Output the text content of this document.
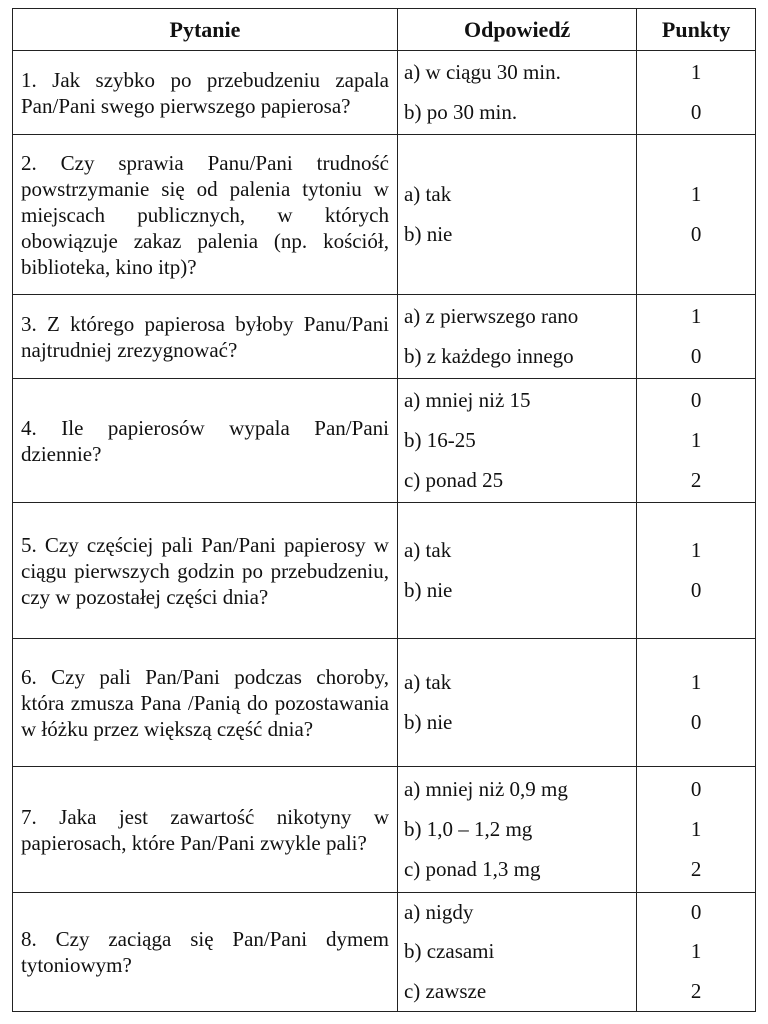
Pytanie	Odpowiedź	Punkty
1. Jak szybko po przebudzeniu zapala Pan/Pani swego pierwszego papierosa?
a) w ciągu 30 min.
b) po 30 min.
1
0
2. Czy sprawia Panu/Pani trudność powstrzymanie się od palenia tytoniu w miejscach publicznych, w których obowiązuje zakaz palenia (np. kościół, biblioteka, kino itp)?
a) tak
b) nie
1
0
3. Z którego papierosa byłoby Panu/Pani najtrudniej zrezygnować?
a) z pierwszego rano
b) z każdego innego
1
0
4. Ile papierosów wypala Pan/Pani dziennie?
a) mniej niż 15
b) 16-25
c) ponad 25
0
1
2
5. Czy częściej pali Pan/Pani papierosy w ciągu pierwszych godzin po przebudzeniu, czy w pozostałej części dnia?
a) tak
b) nie
1
0
6. Czy pali Pan/Pani podczas choroby, która zmusza Pana /Panią do pozostawania w łóżku przez większą część dnia?
a) tak
b) nie
1
0
7. Jaka jest zawartość nikotyny w papierosach, które Pan/Pani zwykle pali?
a) mniej niż 0,9 mg
b) 1,0 – 1,2 mg
c) ponad 1,3 mg
0
1
2
8. Czy zaciąga się Pan/Pani dymem tytoniowym?
a) nigdy
b) czasami
c) zawsze
0
1
2
